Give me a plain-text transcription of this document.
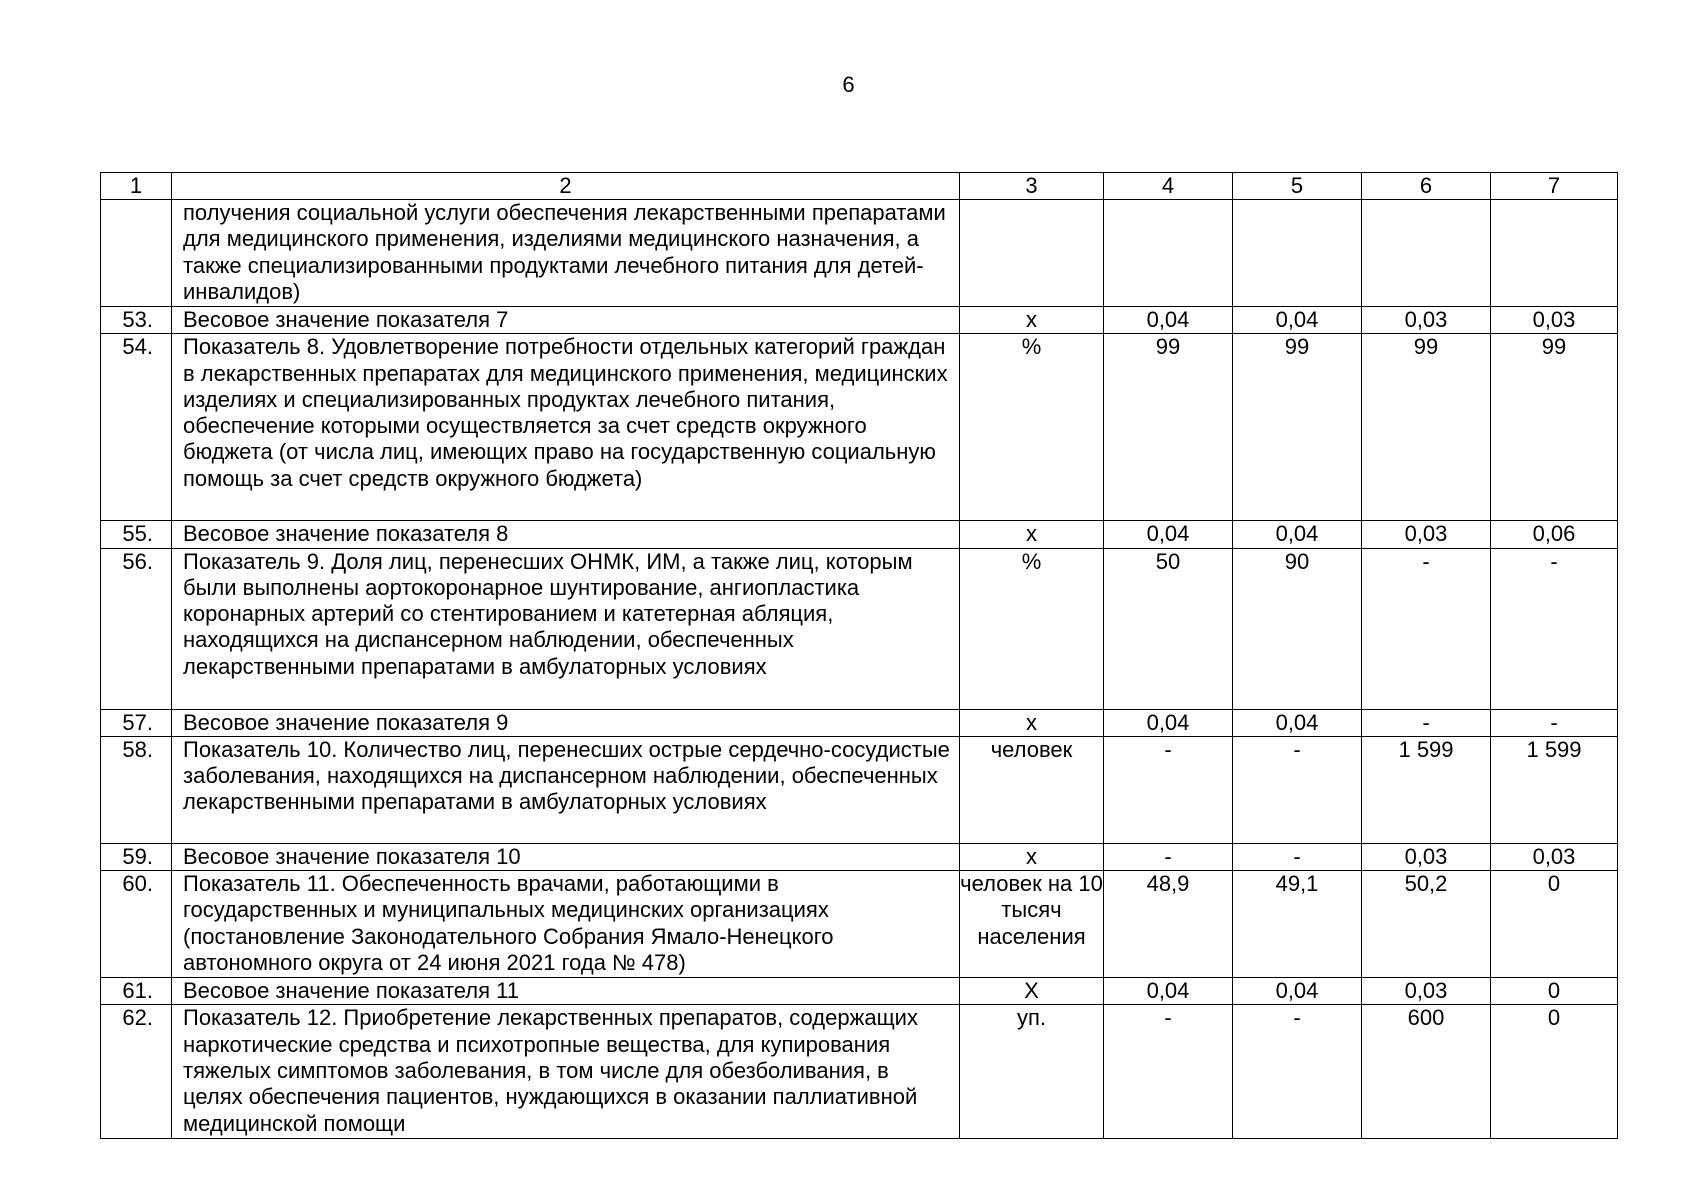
6
1	2	3	4	5	6	7
	получения социальной услуги обеспечения лекарственными препаратами для медицинского применения, изделиями медицинского назначения, а также специализированными продуктами лечебного питания для детей-инвалидов)					
53.	Весовое значение показателя 7	х	0,04	0,04	0,03	0,03
54.	Показатель 8. Удовлетворение потребности отдельных категорий граждан в лекарственных препаратах для медицинского применения, медицинских изделиях и специализированных продуктах лечебного питания, обеспечение которыми осуществляется за счет средств окружного бюджета (от числа лиц, имеющих право на государственную социальную помощь за счет средств окружного бюджета)	%	99	99	99	99
55.	Весовое значение показателя 8	х	0,04	0,04	0,03	0,06
56.	Показатель 9. Доля лиц, перенесших ОНМК, ИМ, а также лиц, которым были выполнены аортокоронарное шунтирование, ангиопластика коронарных артерий со стентированием и катетерная абляция, находящихся на диспансерном наблюдении, обеспеченных лекарственными препаратами в амбулаторных условиях	%	50	90	-	-
57.	Весовое значение показателя 9	х	0,04	0,04	-	-
58.	Показатель 10. Количество лиц, перенесших острые сердечно-сосудистые заболевания, находящихся на диспансерном наблюдении, обеспеченных лекарственными препаратами в амбулаторных условиях	человек	-	-	1 599	1 599
59.	Весовое значение показателя 10	х	-	-	0,03	0,03
60.	Показатель 11. Обеспеченность врачами, работающими в государственных и муниципальных медицинских организациях (постановление Законодательного Собрания Ямало-Ненецкого автономного округа от 24 июня 2021 года № 478)	человек на 10 тысяч населения	48,9	49,1	50,2	0
61.	Весовое значение показателя 11	Х	0,04	0,04	0,03	0
62.	Показатель 12. Приобретение лекарственных препаратов, содержащих наркотические средства и психотропные вещества, для купирования тяжелых симптомов заболевания, в том числе для обезболивания, в целях обеспечения пациентов, нуждающихся в оказании паллиативной медицинской помощи	уп.	-	-	600	0
